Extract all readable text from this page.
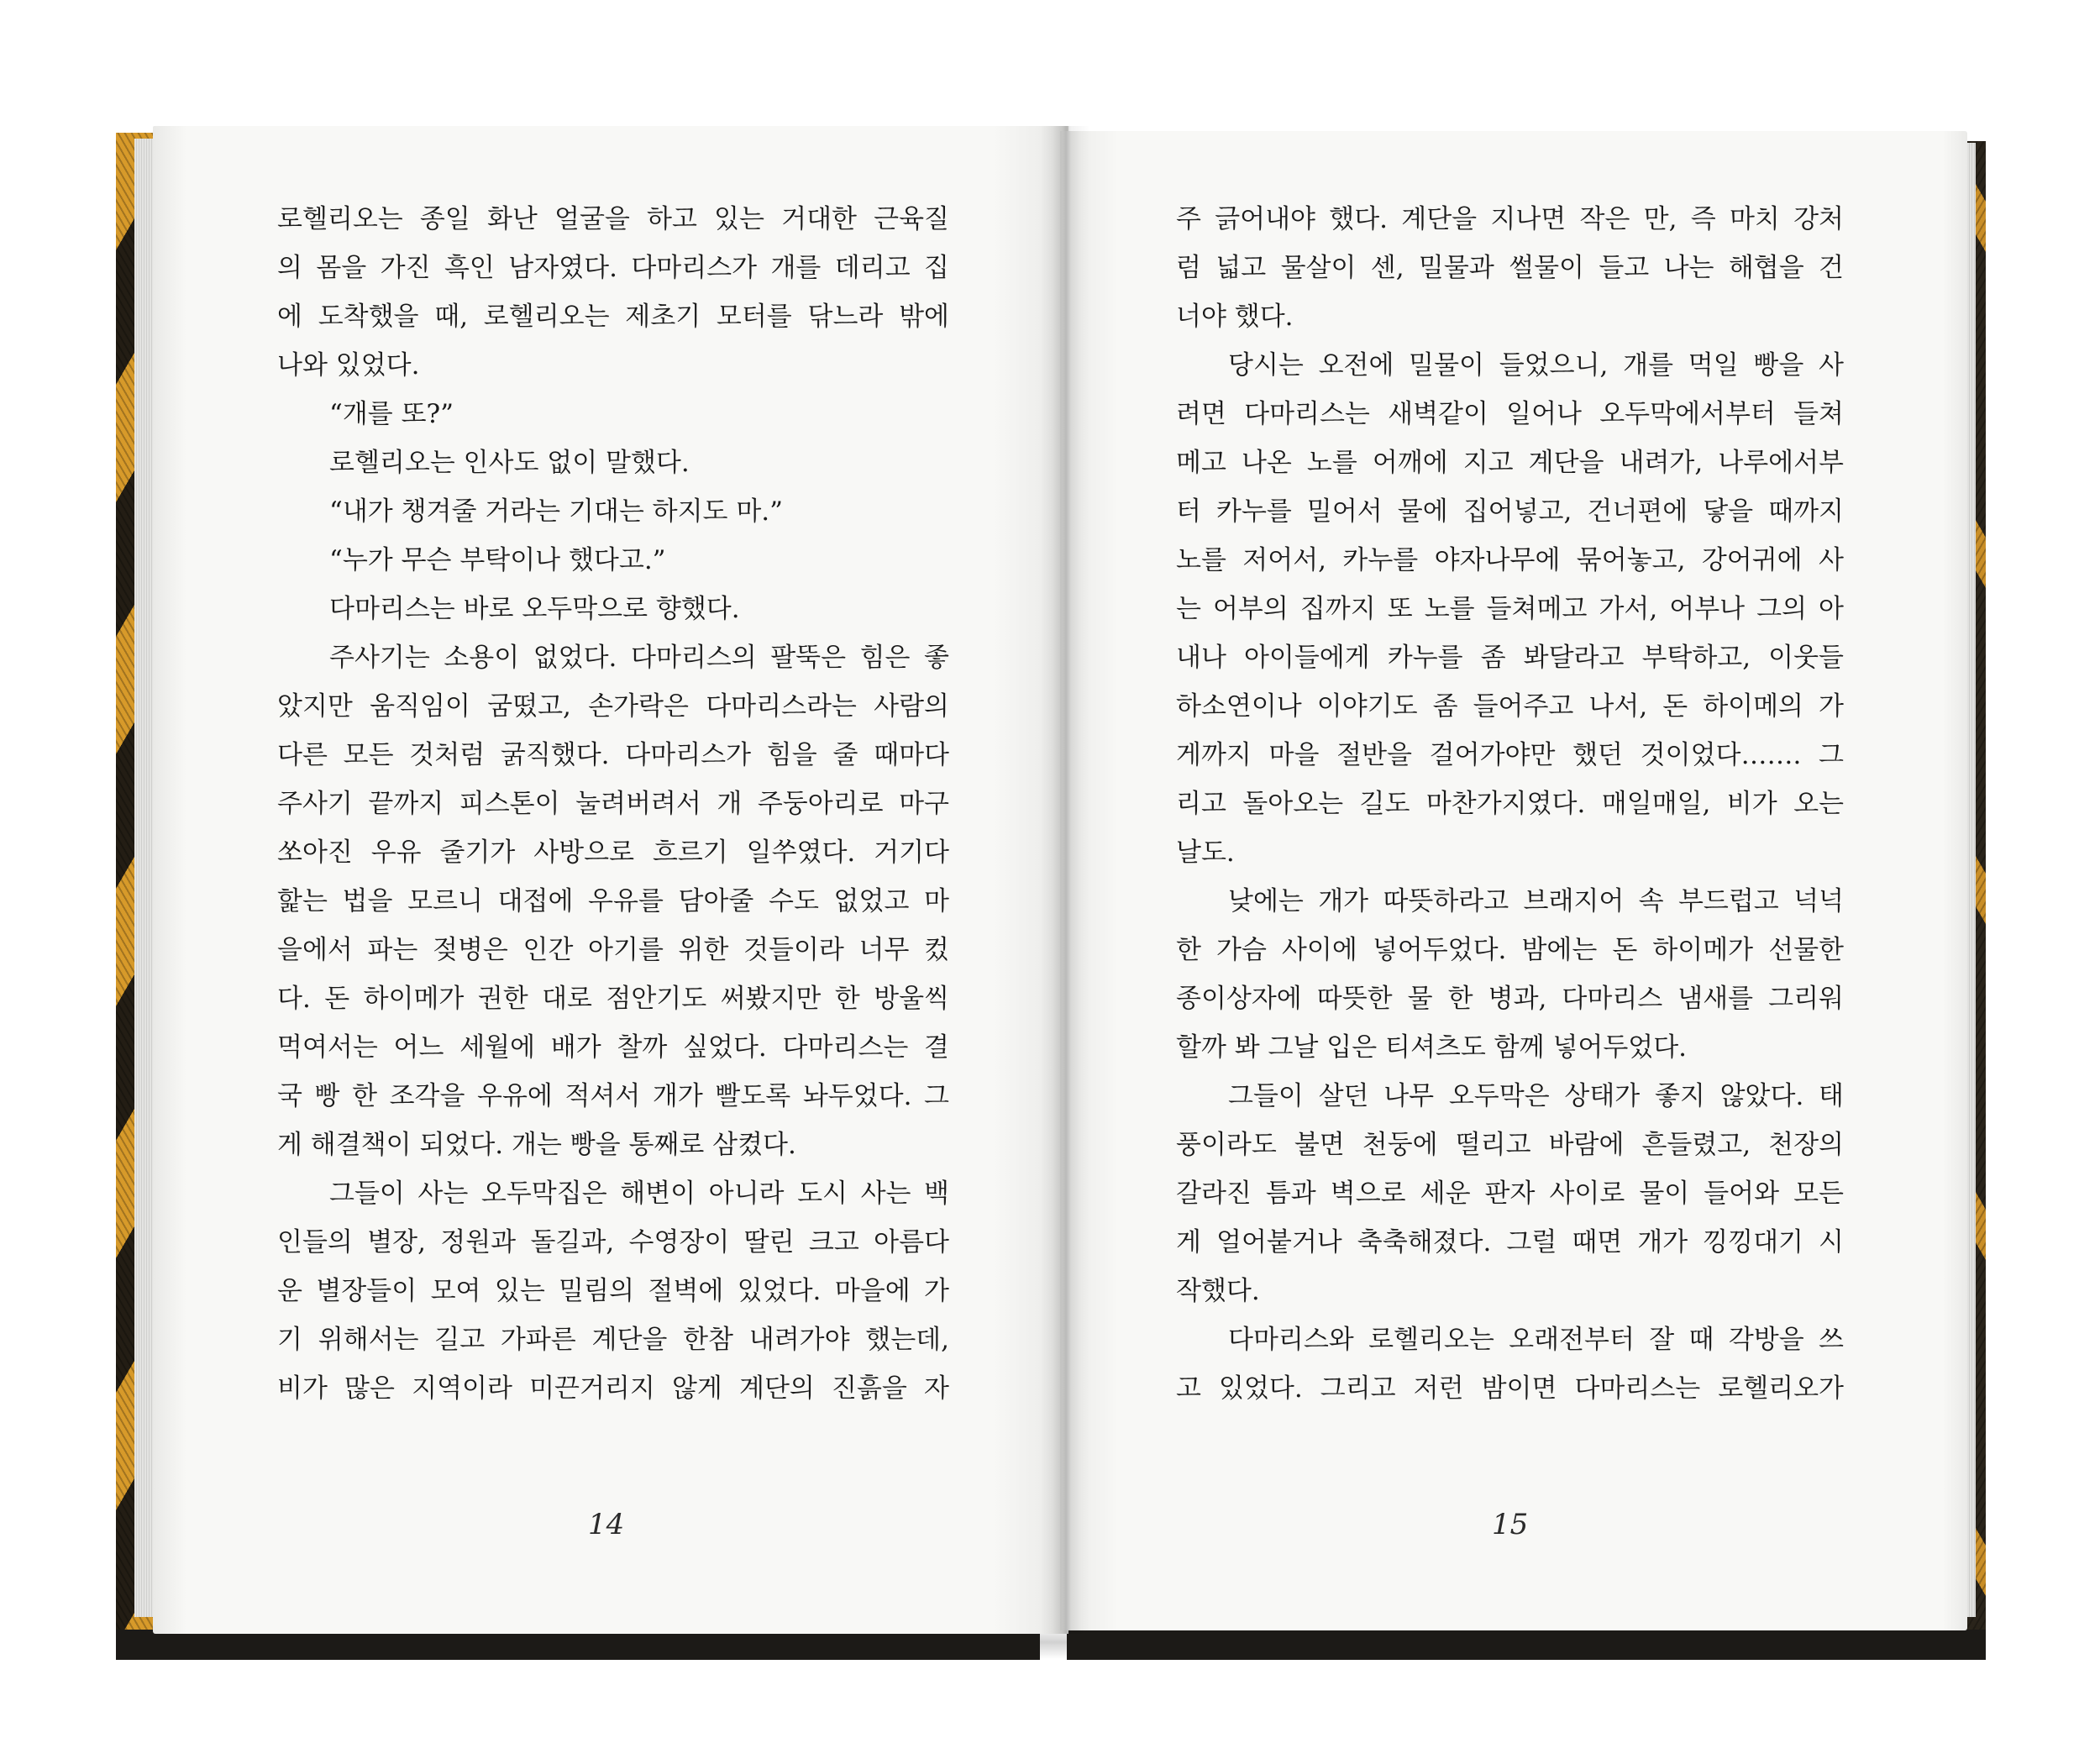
로헬리오는 종일 화난 얼굴을 하고 있는 거대한 근육질
의 몸을 가진 흑인 남자였다. 다마리스가 개를 데리고 집
에 도착했을 때, 로헬리오는 제초기 모터를 닦느라 밖에
나와 있었다.
“개를 또?”
로헬리오는 인사도 없이 말했다.
“내가 챙겨줄 거라는 기대는 하지도 마.”
“누가 무슨 부탁이나 했다고.”
다마리스는 바로 오두막으로 향했다.
주사기는 소용이 없었다. 다마리스의 팔뚝은 힘은 좋
았지만 움직임이 굼떴고, 손가락은 다마리스라는 사람의
다른 모든 것처럼 굵직했다. 다마리스가 힘을 줄 때마다
주사기 끝까지 피스톤이 눌려버려서 개 주둥아리로 마구
쏘아진 우유 줄기가 사방으로 흐르기 일쑤였다. 거기다
핥는 법을 모르니 대접에 우유를 담아줄 수도 없었고 마
을에서 파는 젖병은 인간 아기를 위한 것들이라 너무 컸
다. 돈 하이메가 권한 대로 점안기도 써봤지만 한 방울씩
먹여서는 어느 세월에 배가 찰까 싶었다. 다마리스는 결
국 빵 한 조각을 우유에 적셔서 개가 빨도록 놔두었다. 그
게 해결책이 되었다. 개는 빵을 통째로 삼켰다.
그들이 사는 오두막집은 해변이 아니라 도시 사는 백
인들의 별장, 정원과 돌길과, 수영장이 딸린 크고 아름다
운 별장들이 모여 있는 밀림의 절벽에 있었다. 마을에 가
기 위해서는 길고 가파른 계단을 한참 내려가야 했는데,
비가 많은 지역이라 미끈거리지 않게 계단의 진흙을 자
주 긁어내야 했다. 계단을 지나면 작은 만, 즉 마치 강처
럼 넓고 물살이 센, 밀물과 썰물이 들고 나는 해협을 건
너야 했다.
당시는 오전에 밀물이 들었으니, 개를 먹일 빵을 사
려면 다마리스는 새벽같이 일어나 오두막에서부터 들쳐
메고 나온 노를 어깨에 지고 계단을 내려가, 나루에서부
터 카누를 밀어서 물에 집어넣고, 건너편에 닿을 때까지
노를 저어서, 카누를 야자나무에 묶어놓고, 강어귀에 사
는 어부의 집까지 또 노를 들쳐메고 가서, 어부나 그의 아
내나 아이들에게 카누를 좀 봐달라고 부탁하고, 이웃들
하소연이나 이야기도 좀 들어주고 나서, 돈 하이메의 가
게까지 마을 절반을 걸어가야만 했던 것이었다……. 그
리고 돌아오는 길도 마찬가지였다. 매일매일, 비가 오는
날도.
낮에는 개가 따뜻하라고 브래지어 속 부드럽고 넉넉
한 가슴 사이에 넣어두었다. 밤에는 돈 하이메가 선물한
종이상자에 따뜻한 물 한 병과, 다마리스 냄새를 그리워
할까 봐 그날 입은 티셔츠도 함께 넣어두었다.
그들이 살던 나무 오두막은 상태가 좋지 않았다. 태
풍이라도 불면 천둥에 떨리고 바람에 흔들렸고, 천장의
갈라진 틈과 벽으로 세운 판자 사이로 물이 들어와 모든
게 얼어붙거나 축축해졌다. 그럴 때면 개가 낑낑대기 시
작했다.
다마리스와 로헬리오는 오래전부터 잘 때 각방을 쓰
고 있었다. 그리고 저런 밤이면 다마리스는 로헬리오가
14	15
